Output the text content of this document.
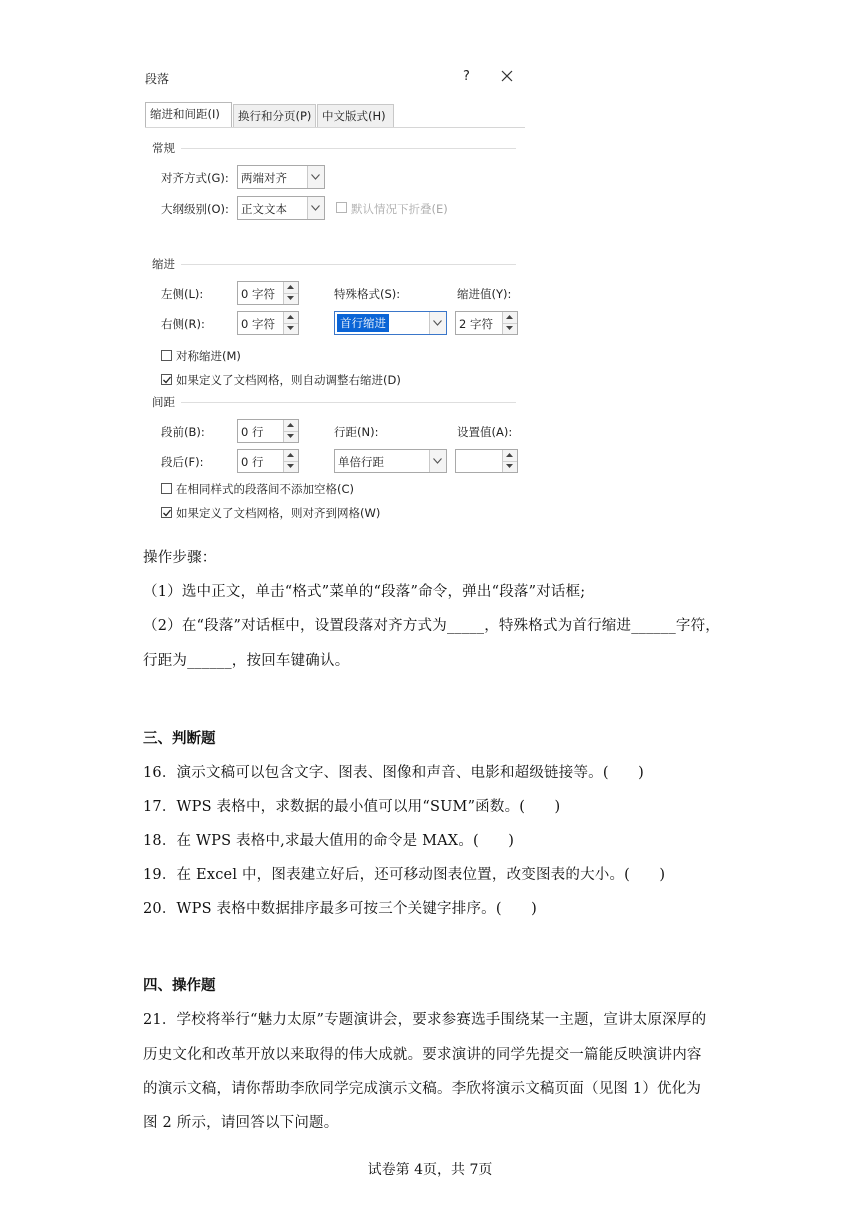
段落	?
缩进和间距(I)	换行和分页(P) 中文版式(H)
常规
对齐方式(G): 两端对齐
大纲级别(O): 正文文本	默认情况下折叠(E)
缩进
左侧(L):	0 字符	特殊格式(S):	缩进值(Y):
右侧(R):	0 字符	首行缩进	2 字符
对称缩进(M)
如果定义了文档网格，则自动调整右缩进(D)
间距
段前(B):	0 行	行距(N):	设置值(A):
段后(F):	0 行	单倍行距
在相同样式的段落间不添加空格(C)
如果定义了文档网格，则对齐到网格(W)
操作步骤：
（1）选中正文，单击“格式”菜单的“段落”命令，弹出“段落”对话框;
（2）在“段落”对话框中，设置段落对齐方式为_____，特殊格式为首行缩进______字符，
行距为______，按回车键确认。
三、判断题
16．演示文稿可以包含文字、图表、图像和声音、电影和超级链接等。(　　)
17．WPS 表格中，求数据的最小值可以用“SUM”函数。(　　)
18．在 WPS 表格中,求最大值用的命令是 MAX。(　　)
19．在 Excel 中，图表建立好后，还可移动图表位置，改变图表的大小。(　　)
20．WPS 表格中数据排序最多可按三个关键字排序。(　　)
四、操作题
21．学校将举行“魅力太原”专题演讲会，要求参赛选手围绕某一主题，宣讲太原深厚的
历史文化和改革开放以来取得的伟大成就。要求演讲的同学先提交一篇能反映演讲内容
的演示文稿，请你帮助李欣同学完成演示文稿。李欣将演示文稿页面（见图 1）优化为
图 2 所示，请回答以下问题。
试卷第 4页，共 7页
